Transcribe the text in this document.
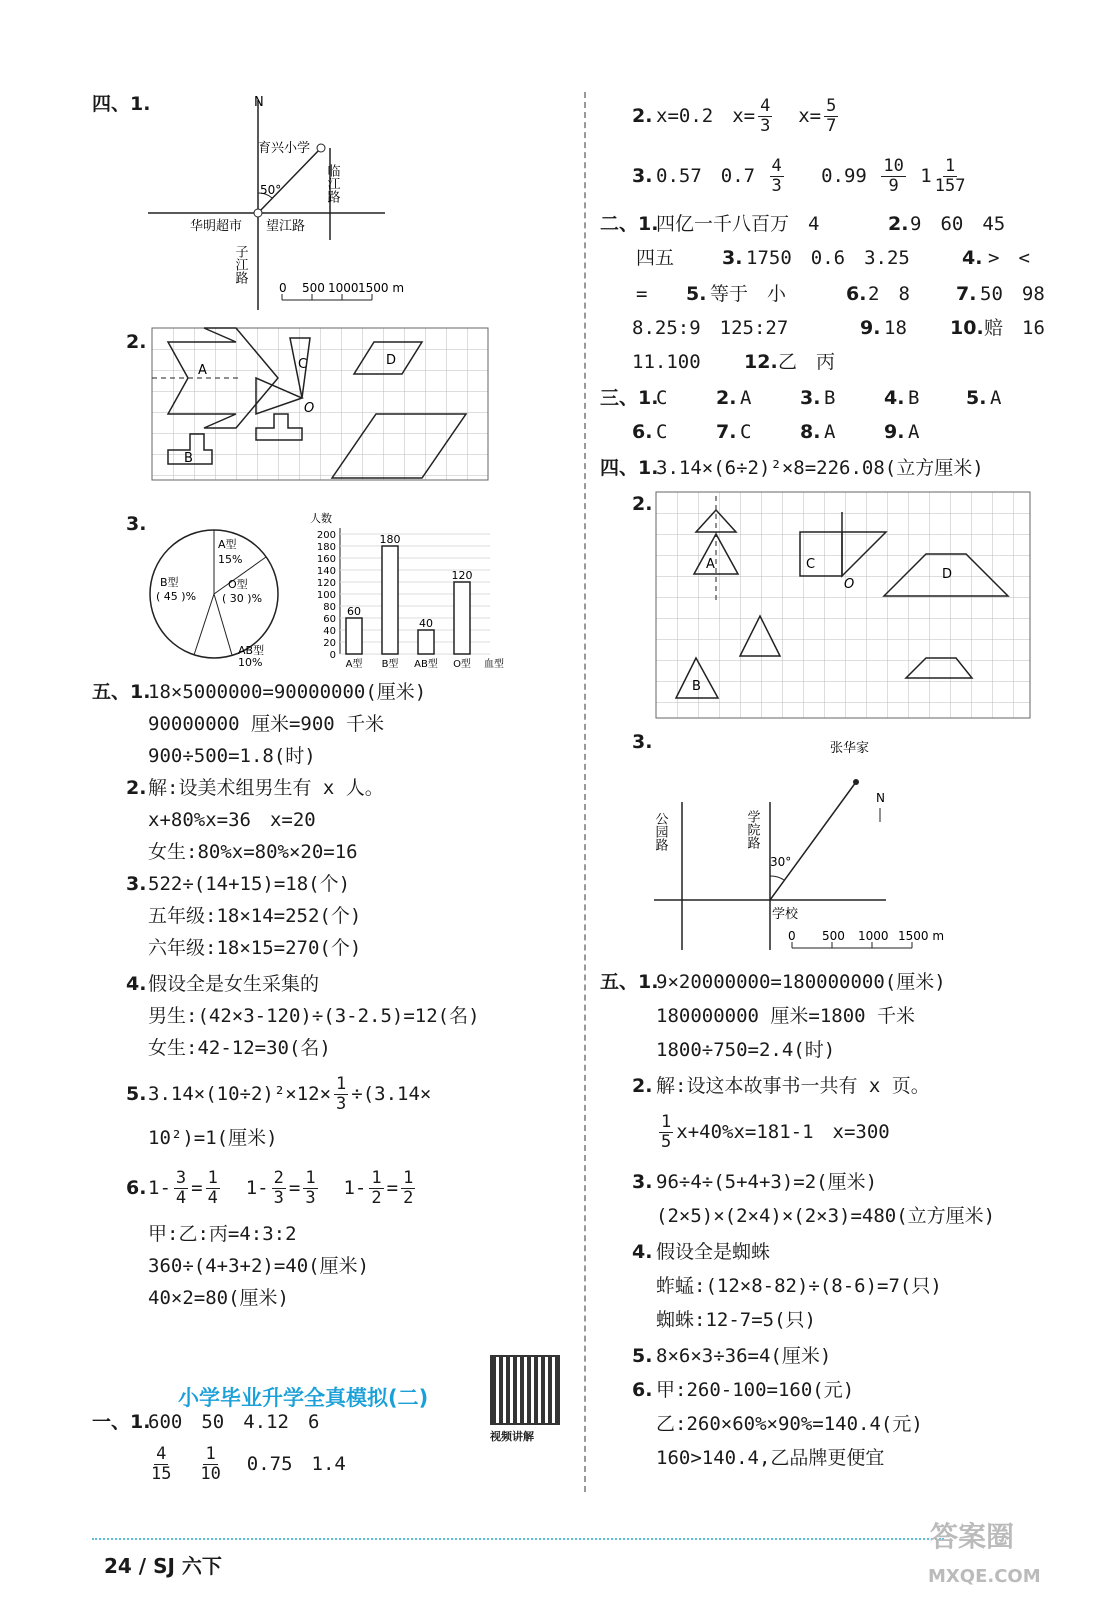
四、1.	N
育兴小学
临江路
50°
华明超市 望江路
子江路
0 500 1000 1500 m
2.
A	C
O
D
B
3.
A型
15%
B型
( 45 )%
O型
( 30 )%
AB型
10%
人数
0
20
40
60
80
100
120
140
160
180
200
60
A型
180
B型
40
AB型
120
O型 血型
五、1.
18×5000000=90000000(厘米)
90000000 厘米=900 千米
900÷500=1.8(时)
2. 解:设美术组男生有 x 人。
x+80%x=36　x=20
女生:80%x=80%×20=16
3. 522÷(14+15)=18(个)
五年级:18×14=252(个)
六年级:18×15=270(个)
4. 假设全是女生采集的
男生:(42×3-120)÷(3-2.5)=12(名)
女生:42-12=30(名)
5. $3.14\times(10\div 2)^2\times 12\times \frac{1}{3} \div(3.14\times$
10²)=1(厘米)
6. $1- \frac{3}{4} = \frac{1}{4} 1- \frac{2}{3} = \frac{1}{3} 1- \frac{1}{2} = \frac{1}{2}$
甲:乙:丙=4:3:2
360÷(4+3+2)=40(厘米)
40×2=80(厘米)
小学毕业升学全真模拟(二)
视频讲解
一、1.
600　50　4.12　6
$\frac{4}{15}$
$\frac{1}{10} 0.75$　1.4
2. x=0.2　$x= \frac{4}{3} x= \frac{5}{7}$
3. 0.57　$0.7 \frac{4}{3} 0.99 \frac{10}{9} 1 \frac{1}{157}$
二、1.
四亿一千八百万　4	2. 9　60　45
四五	3. 1750　0.6　3.25	4. >　<
= 5. 等于　小	6. 2　8 7. 50　98
8.25:9　125:27	9. 18 10. 赔　16
11.100 12. 乙　丙
三、1.
C	2. A	3. B	4. B 5. A
6. C	7. C	8. A	9. A
四、1.
3.14×(6÷2)²×8=226.08(立方厘米)
2.
A	C
O
D
B
3.	张华家
N
公园路	学院路
30°
学校
0 500 1000 1500 m
五、1.
9×20000000=180000000(厘米)
180000000 厘米=1800 千米
1800÷750=2.4(时)
2. 解:设这本故事书一共有 x 页。
$\frac{1}{5} x+40\%x=181-1$　x=300
3. 96÷4÷(5+4+3)=2(厘米)
(2×5)×(2×4)×(2×3)=480(立方厘米)
4. 假设全是蜘蛛
蚱蜢:(12×8-82)÷(8-6)=7(只)
蜘蛛:12-7=5(只)
5. 8×6×3÷36=4(厘米)
6. 甲:260-100=160(元)
乙:260×60%×90%=140.4(元)
160>140.4,乙品牌更便宜
24 / SJ 六下
答案圈
MXQE.COM
